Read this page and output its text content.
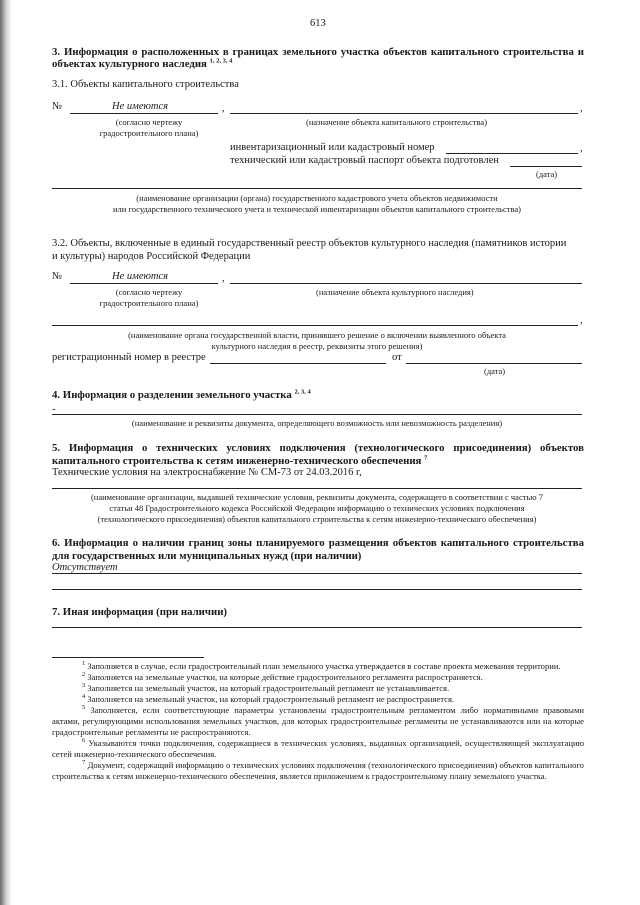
613
3. Информация о расположенных в границах земельного участка объектов капитального строительства и объектах культурного наследия $^{1, 2, 3, 4}$
3.1. Объекты капитального строительства
№	Не имеются	,	,
(согласно чертежу
градостроительного плана)
(назначение объекта капитального строительства)
инвентаризационный или кадастровый номер	,
технический или кадастровый паспорт объекта подготовлен
(дата)
(наименование организации (органа) государственного кадастрового учета объектов недвижимости
или государственного технического учета и технической инвентаризации объектов капитального строительства)
3.2. Объекты, включенные в единый государственный реестр объектов культурного наследия (памятников истории
и культуры) народов Российской Федерации
№	Не имеются	,
(согласно чертежу
градостроительного плана)
(назначение объекта культурного наследия)
,
(наименование органа государственной власти, принявшего решение о включении выявленного объекта
культурного наследия в реестр, реквизиты этого решения)
регистрационный номер в реестре	от
(дата)
4. Информация о разделении земельного участка $^{2, 3, 4}$
-
(наименование и реквизиты документа, определяющего возможность или невозможность разделения)
5. Информация о технических условиях подключения (технологического присоединения) объектов капитального строительства к сетям инженерно-технического обеспечения $^7$
Технические условия на электроснабжение № СМ-73 от 24.03.2016 г,
(наименование организации, выдавшей технические условия, реквизиты документа, содержащего в соответствии с частью 7
статьи 48 Градостроительного кодекса Российской Федерации информацию о технических условиях подключения
(технологического присоединения) объектов капитального строительства к сетям инженерно-технического обеспечения)
6. Информация о наличии границ зоны планируемого размещения объектов капитального строительства для государственных или муниципальных нужд (при наличии)
Отсутствует
7. Иная информация (при наличии)
$^1$ Заполняется в случае, если градостроительный план земельного участка утверждается в составе проекта межевания территории.
$^2$ Заполняется на земельные участки, на которые действие градостроительного регламента распространяется.
$^3$ Заполняется на земельный участок, на который градостроительный регламент не устанавливается.
$^4$ Заполняется на земельный участок, на который градостроительный регламент не распространяется.
$^5$ Заполняется, если соответствующие параметры установлены градостроительным регламентом либо нормативными правовыми актами, регулирующими использования земельных участков, для которых градостроительные регламенты не устанавливаются или на которые градостроительные регламенты не распространяются.
$^6$ Указываются точки подключения, содержащиеся в технических условиях, выданных организацией, осуществляющей эксплуатацию сетей инженерно-технического обеспечения.
$^7$ Документ, содержащий информацию о технических условиях подключения (технологического присоединения) объектов капитального строительства к сетям инженерно-технического обеспечения, является приложением к градостроительному плану земельного участка.
